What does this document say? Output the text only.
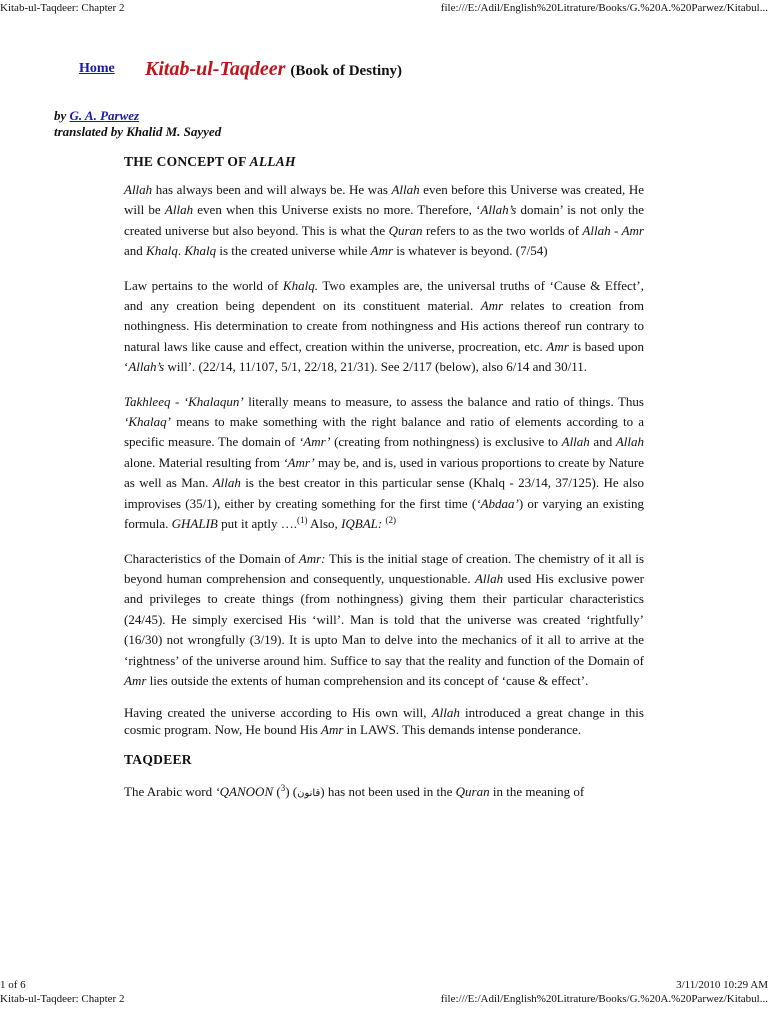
Kitab-ul-Taqdeer: Chapter 2	file:///E:/Adil/English%20Litrature/Books/G.%20A.%20Parwez/Kitabul...
Home Kitab-ul-Taqdeer (Book of Destiny)
by G. A. Parwez
translated by Khalid M. Sayyed
THE CONCEPT OF ALLAH

Allah has always been and will always be. He was Allah even before this Universe was created, He will be Allah even when this Universe exists no more. Therefore, ‘Allah’s domain’ is not only the created universe but also beyond. This is what the Quran refers to as the two worlds of Allah - Amr and Khalq. Khalq is the created universe while Amr is whatever is beyond. (7/54)

Law pertains to the world of Khalq. Two examples are, the universal truths of ‘Cause & Effect’, and any creation being dependent on its constituent material. Amr relates to creation from nothingness. His determination to create from nothingness and His actions thereof run contrary to natural laws like cause and effect, creation within the universe, procreation, etc. Amr is based upon ‘Allah’s will’. (22/14, 11/107, 5/1, 22/18, 21/31). See 2/117 (below), also 6/14 and 30/11.

Takhleeq - ‘Khalaqun’ literally means to measure, to assess the balance and ratio of things. Thus ‘Khalaq’ means to make something with the right balance and ratio of elements according to a specific measure. The domain of ‘Amr’ (creating from nothingness) is exclusive to Allah and Allah alone. Material resulting from ‘Amr’ may be, and is, used in various proportions to create by Nature as well as Man. Allah is the best creator in this particular sense (Khalq - 23/14, 37/125). He also improvises (35/1), either by creating something for the first time (‘Abdaa’) or varying an existing formula. GHALIB put it aptly ….$^{(1)}$ Also, IQBAL: $^{(2)}$

Characteristics of the Domain of Amr: This is the initial stage of creation. The chemistry of it all is beyond human comprehension and consequently, unquestionable. Allah used His exclusive power and privileges to create things (from nothingness) giving them their particular characteristics (24/45). He simply exercised His ‘will’. Man is told that the universe was created ‘rightfully’ (16/30) not wrongfully (3/19). It is upto Man to delve into the mechanics of it all to arrive at the ‘rightness’ of the universe around him. Suffice to say that the reality and function of the Domain of Amr lies outside the extents of human comprehension and its concept of ‘cause & effect’.

Having created the universe according to His own will, Allah introduced a great change in this cosmic program. Now, He bound His Amr in LAWS. This demands intense ponderance.

TAQDEER

The Arabic word ‘QANOON ($^3$) (قانون) has not been used in the Quran in the meaning of

1 of 6	3/11/2010 10:29 AM
Kitab-ul-Taqdeer: Chapter 2	file:///E:/Adil/English%20Litrature/Books/G.%20A.%20Parwez/Kitabul...
